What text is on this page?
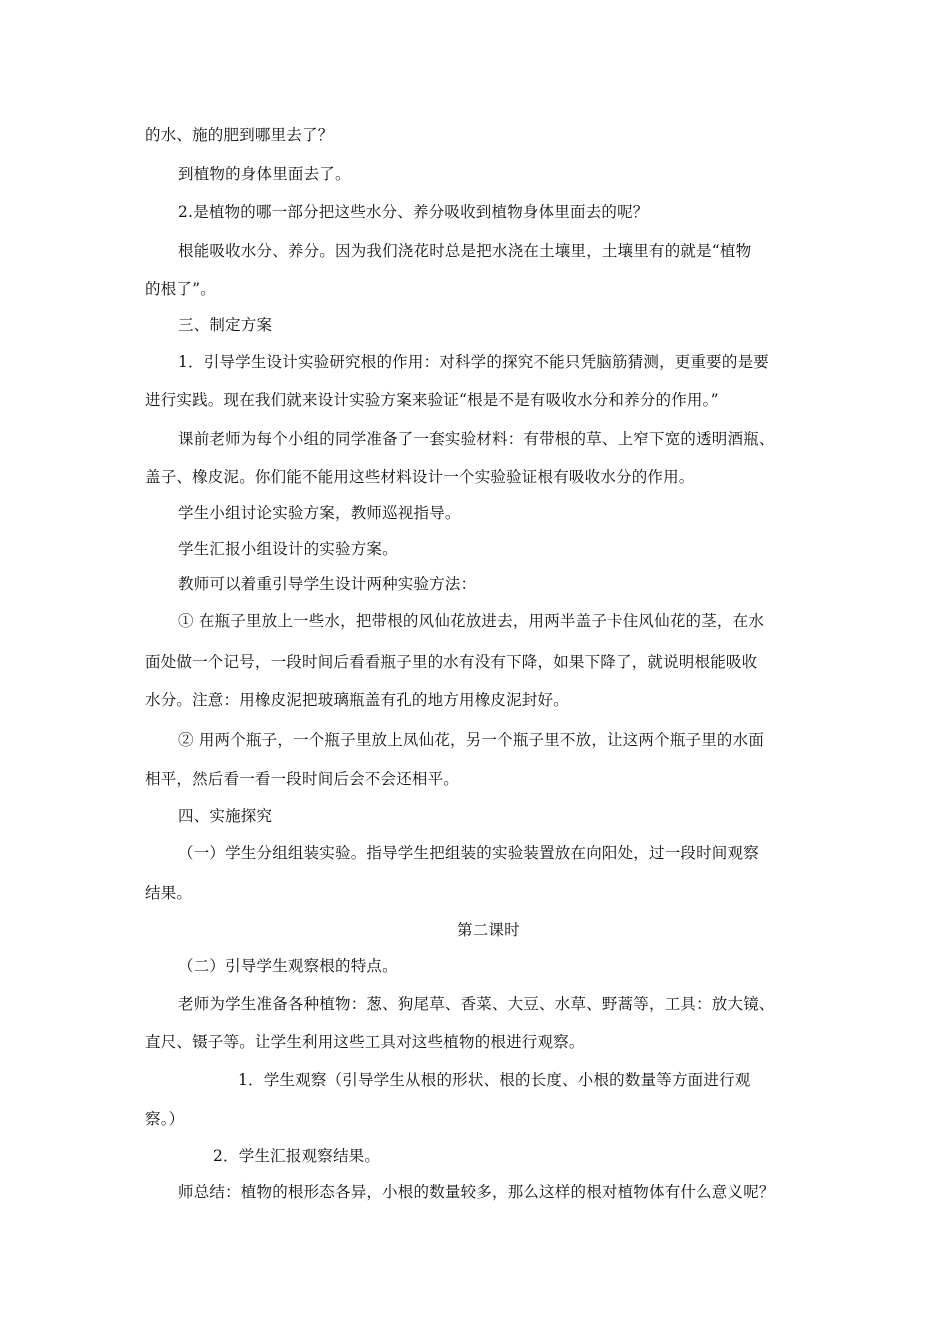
的水、施的肥到哪里去了？
到植物的身体里面去了。
2.是植物的哪一部分把这些水分、养分吸收到植物身体里面去的呢？
根能吸收水分、养分。因为我们浇花时总是把水浇在土壤里，土壤里有的就是“植物
的根了”。
三、制定方案
1．引导学生设计实验研究根的作用：对科学的探究不能只凭脑筋猜测，更重要的是要
进行实践。现在我们就来设计实验方案来验证“根是不是有吸收水分和养分的作用。”
课前老师为每个小组的同学准备了一套实验材料：有带根的草、上窄下宽的透明酒瓶、
盖子、橡皮泥。你们能不能用这些材料设计一个实验验证根有吸收水分的作用。
学生小组讨论实验方案，教师巡视指导。
学生汇报小组设计的实验方案。
教师可以着重引导学生设计两种实验方法：
① 在瓶子里放上一些水，把带根的风仙花放进去，用两半盖子卡住风仙花的茎，在水
面处做一个记号，一段时间后看看瓶子里的水有没有下降，如果下降了，就说明根能吸收
水分。注意：用橡皮泥把玻璃瓶盖有孔的地方用橡皮泥封好。
② 用两个瓶子，一个瓶子里放上凤仙花，另一个瓶子里不放，让这两个瓶子里的水面
相平，然后看一看一段时间后会不会还相平。
四、实施探究
（一）学生分组组装实验。指导学生把组装的实验装置放在向阳处，过一段时间观察
结果。
第二课时
（二）引导学生观察根的特点。
老师为学生准备各种植物：葱、狗尾草、香菜、大豆、水草、野蒿等，工具：放大镜、
直尺、镊子等。让学生利用这些工具对这些植物的根进行观察。
1．学生观察（引导学生从根的形状、根的长度、小根的数量等方面进行观
察。）
2．学生汇报观察结果。
师总结：植物的根形态各异，小根的数量较多，那么这样的根对植物体有什么意义呢？
